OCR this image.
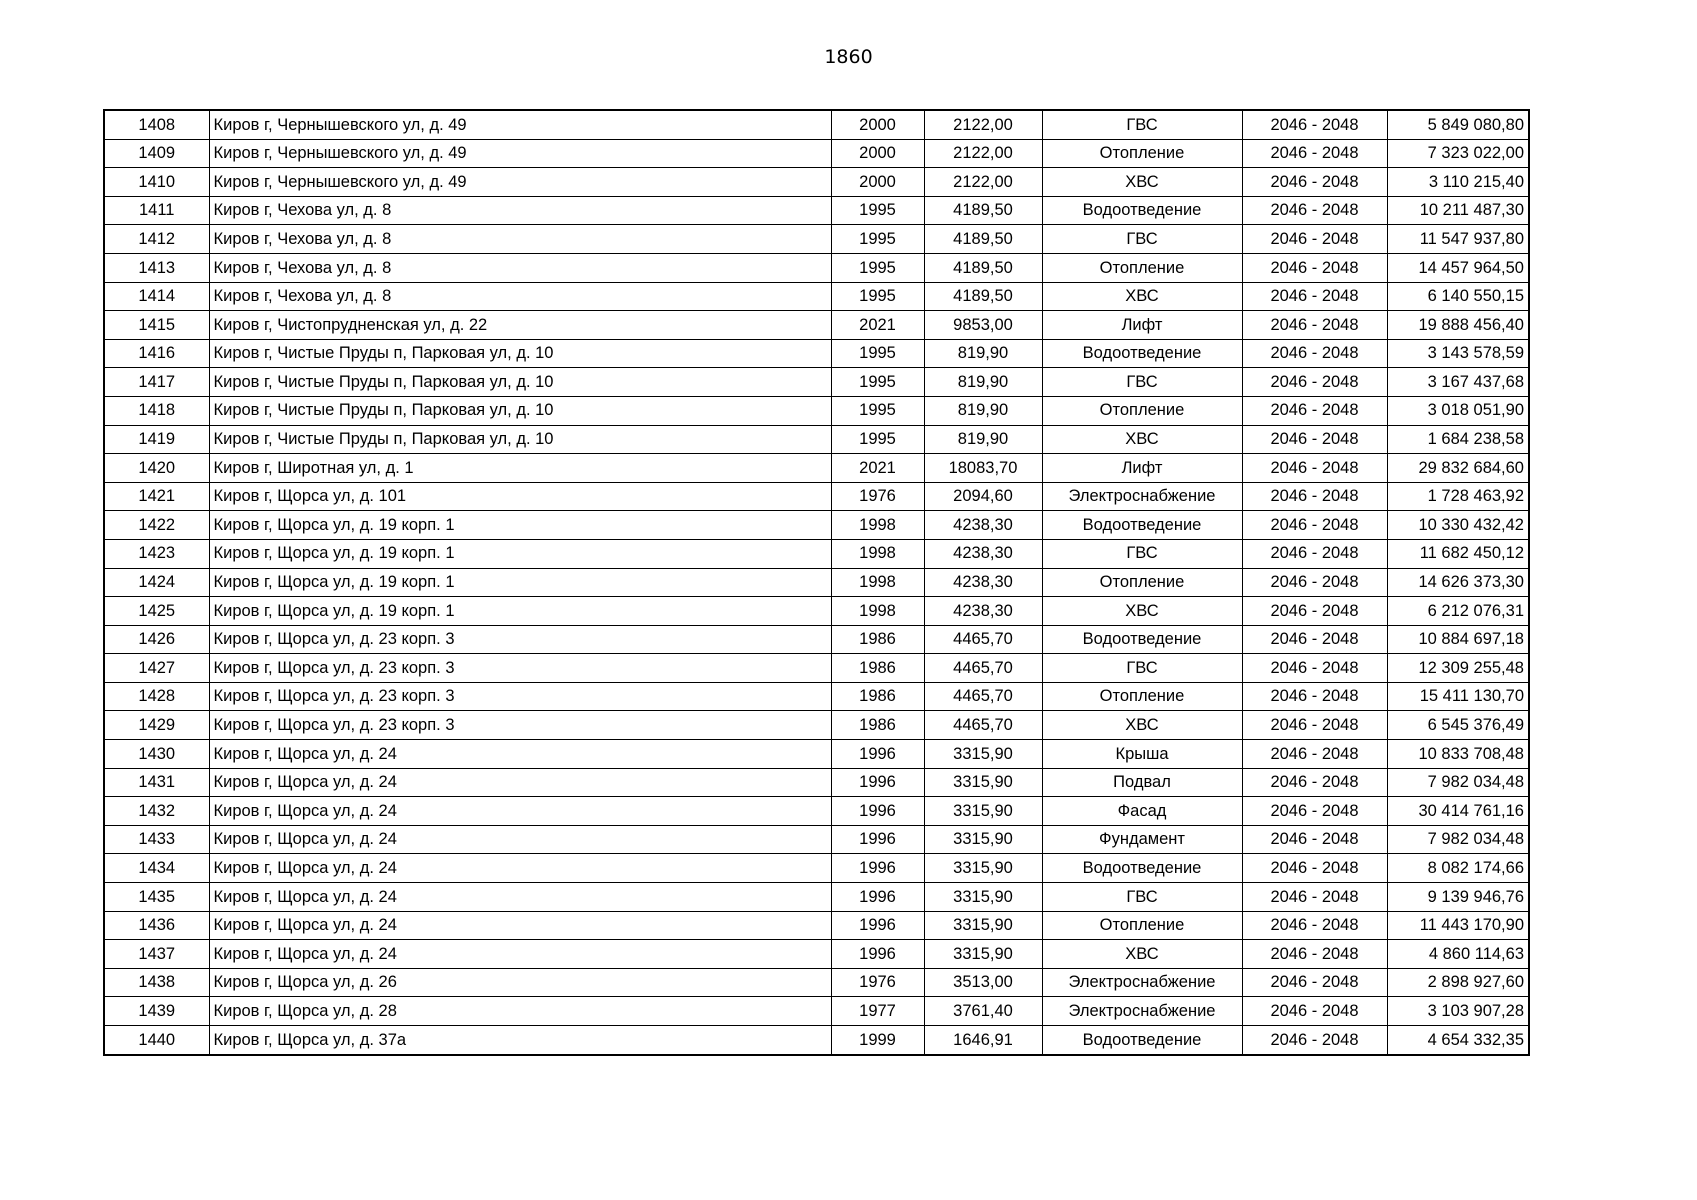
1860
1408	Киров г, Чернышевского ул, д. 49	2000	2122,00	ГВС	2046 - 2048	5 849 080,80
1409	Киров г, Чернышевского ул, д. 49	2000	2122,00	Отопление	2046 - 2048	7 323 022,00
1410	Киров г, Чернышевского ул, д. 49	2000	2122,00	ХВС	2046 - 2048	3 110 215,40
1411	Киров г, Чехова ул, д. 8	1995	4189,50	Водоотведение	2046 - 2048	10 211 487,30
1412	Киров г, Чехова ул, д. 8	1995	4189,50	ГВС	2046 - 2048	11 547 937,80
1413	Киров г, Чехова ул, д. 8	1995	4189,50	Отопление	2046 - 2048	14 457 964,50
1414	Киров г, Чехова ул, д. 8	1995	4189,50	ХВС	2046 - 2048	6 140 550,15
1415	Киров г, Чистопрудненская ул, д. 22	2021	9853,00	Лифт	2046 - 2048	19 888 456,40
1416	Киров г, Чистые Пруды п, Парковая ул, д. 10	1995	819,90	Водоотведение	2046 - 2048	3 143 578,59
1417	Киров г, Чистые Пруды п, Парковая ул, д. 10	1995	819,90	ГВС	2046 - 2048	3 167 437,68
1418	Киров г, Чистые Пруды п, Парковая ул, д. 10	1995	819,90	Отопление	2046 - 2048	3 018 051,90
1419	Киров г, Чистые Пруды п, Парковая ул, д. 10	1995	819,90	ХВС	2046 - 2048	1 684 238,58
1420	Киров г, Широтная ул, д. 1	2021	18083,70	Лифт	2046 - 2048	29 832 684,60
1421	Киров г, Щорса ул, д. 101	1976	2094,60	Электроснабжение	2046 - 2048	1 728 463,92
1422	Киров г, Щорса ул, д. 19 корп. 1	1998	4238,30	Водоотведение	2046 - 2048	10 330 432,42
1423	Киров г, Щорса ул, д. 19 корп. 1	1998	4238,30	ГВС	2046 - 2048	11 682 450,12
1424	Киров г, Щорса ул, д. 19 корп. 1	1998	4238,30	Отопление	2046 - 2048	14 626 373,30
1425	Киров г, Щорса ул, д. 19 корп. 1	1998	4238,30	ХВС	2046 - 2048	6 212 076,31
1426	Киров г, Щорса ул, д. 23 корп. 3	1986	4465,70	Водоотведение	2046 - 2048	10 884 697,18
1427	Киров г, Щорса ул, д. 23 корп. 3	1986	4465,70	ГВС	2046 - 2048	12 309 255,48
1428	Киров г, Щорса ул, д. 23 корп. 3	1986	4465,70	Отопление	2046 - 2048	15 411 130,70
1429	Киров г, Щорса ул, д. 23 корп. 3	1986	4465,70	ХВС	2046 - 2048	6 545 376,49
1430	Киров г, Щорса ул, д. 24	1996	3315,90	Крыша	2046 - 2048	10 833 708,48
1431	Киров г, Щорса ул, д. 24	1996	3315,90	Подвал	2046 - 2048	7 982 034,48
1432	Киров г, Щорса ул, д. 24	1996	3315,90	Фасад	2046 - 2048	30 414 761,16
1433	Киров г, Щорса ул, д. 24	1996	3315,90	Фундамент	2046 - 2048	7 982 034,48
1434	Киров г, Щорса ул, д. 24	1996	3315,90	Водоотведение	2046 - 2048	8 082 174,66
1435	Киров г, Щорса ул, д. 24	1996	3315,90	ГВС	2046 - 2048	9 139 946,76
1436	Киров г, Щорса ул, д. 24	1996	3315,90	Отопление	2046 - 2048	11 443 170,90
1437	Киров г, Щорса ул, д. 24	1996	3315,90	ХВС	2046 - 2048	4 860 114,63
1438	Киров г, Щорса ул, д. 26	1976	3513,00	Электроснабжение	2046 - 2048	2 898 927,60
1439	Киров г, Щорса ул, д. 28	1977	3761,40	Электроснабжение	2046 - 2048	3 103 907,28
1440	Киров г, Щорса ул, д. 37а	1999	1646,91	Водоотведение	2046 - 2048	4 654 332,35
